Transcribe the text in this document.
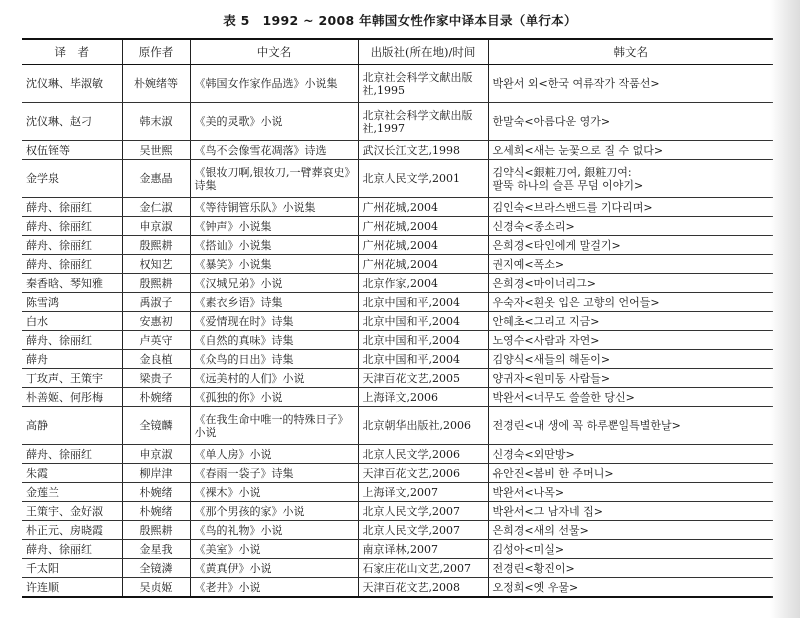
表 5　1992 ~ 2008 年韩国女性作家中译本目录（单行本）
译　者	原作者	中文名	出版社(所在地)/时间	韩文名
沈仪琳、毕淑敏	朴婉绪等	《韩国女作家作品选》小说集	北京社会科学文献出版社,1995	박완서 외<한국 여류작가 작품선>
沈仪琳、赵刁	韩末淑	《美的灵歌》小说	北京社会科学文献出版社,1997	한말숙<아름다운 영가>
权伍铚等	吴世熙	《鸟不会像雪花凋落》诗选	武汉长江文艺,1998	오세희<새는 눈꽃으로 질 수 없다>
金学泉	金惠晶	《银妆刀啊,银妆刀,一臂葬哀史》诗集	北京人民文学,2001	김약식<銀粧刀여, 銀粧刀여:
팔뚝 하나의 슬픈 무덤 이야기>

薛舟、徐丽红	金仁淑	《等待铜管乐队》小说集	广州花城,2004	김인숙<브라스밴드를 기다리며>
薛舟、徐丽红	申京淑	《钟声》小说集	广州花城,2004	신경숙<종소리>
薛舟、徐丽红	殷熙耕	《搭讪》小说集	广州花城,2004	은희경<타인에게 말걸기>
薛舟、徐丽红	权知艺	《暴笑》小说集	广州花城,2004	권지예<폭소>
秦香晗、琴知雅	殷熙耕	《汉城兄弟》小说	北京作家,2004	은희경<마이너리그>
陈雪鸿	禹淑子	《素衣乡语》诗集	北京中国和平,2004	우숙자<흰옷 입은 고향의 언어들>
白水	安惠初	《爱情现在时》诗集	北京中国和平,2004	안혜초<그리고 지금>
薛舟、徐丽红	卢英守	《自然的真味》诗集	北京中国和平,2004	노영수<사람과 자연>
薛舟	金良植	《众鸟的日出》诗集	北京中国和平,2004	김양식<새들의 해돋이>
丁玫声、王策宇	梁贵子	《远美村的人们》小说	天津百花文艺,2005	양귀자<원미동 사람들>
朴善姬、何彤梅	朴婉绪	《孤独的你》小说	上海译文,2006	박완서<너무도 쓸쓸한 당신>
高静	全镜麟	《在我生命中唯一的特殊日子》小说	北京朝华出版社,2006	전경린<내 생에 꼭 하루뿐일특별한날>
薛舟、徐丽红	申京淑	《单人房》小说	北京人民文学,2006	신경숙<외딴방>
朱霞	柳岸津	《春雨一袋子》诗集	天津百花文艺,2006	유안진<봄비 한 주머니>
金莲兰	朴婉绪	《裸木》小说	上海译文,2007	박완서<나목>
王策宇、金好淑	朴婉绪	《那个男孩的家》小说	北京人民文学,2007	박완서<그 남자네 집>
朴正元、房晓霞	殷熙耕	《鸟的礼物》小说	北京人民文学,2007	은희경<새의 선물>
薛舟、徐丽红	金星我	《美室》小说	南京译林,2007	김성아<미실>
千太阳	全镜潾	《黄真伊》小说	石家庄花山文艺,2007	전경린<황진이>
许连顺	吴贞姬	《老井》小说	天津百花文艺,2008	오정희<옛 우물>
